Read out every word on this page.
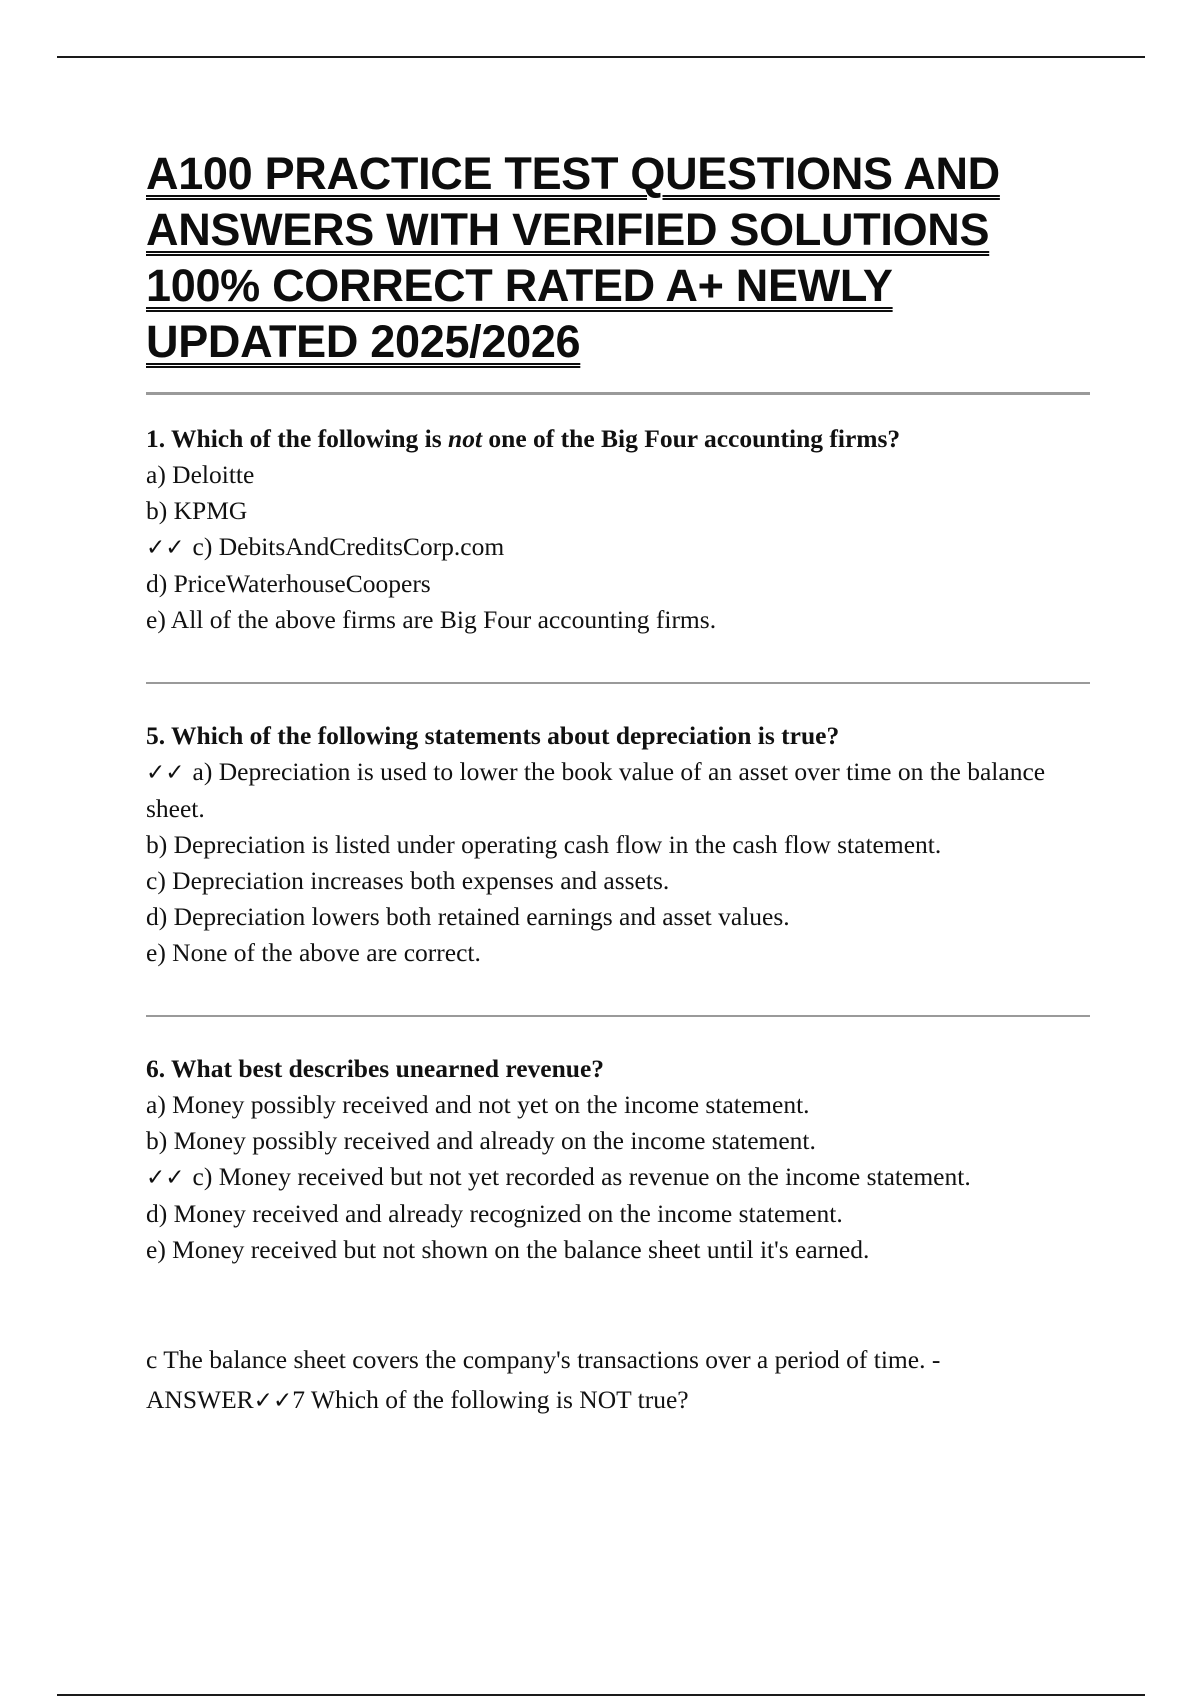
A100 PRACTICE TEST QUESTIONS AND ANSWERS WITH VERIFIED SOLUTIONS 100% CORRECT RATED A+ NEWLY UPDATED 2025/2026

1. Which of the following is not one of the Big Four accounting firms?

a) Deloitte

b) KPMG

✓✓ c) DebitsAndCreditsCorp.com

d) PriceWaterhouseCoopers

e) All of the above firms are Big Four accounting firms.

5. Which of the following statements about depreciation is true?

✓✓ a) Depreciation is used to lower the book value of an asset over time on the balance sheet.

b) Depreciation is listed under operating cash flow in the cash flow statement.

c) Depreciation increases both expenses and assets.

d) Depreciation lowers both retained earnings and asset values.

e) None of the above are correct.

6. What best describes unearned revenue?

a) Money possibly received and not yet on the income statement.

b) Money possibly received and already on the income statement.

✓✓ c) Money received but not yet recorded as revenue on the income statement.

d) Money received and already recognized on the income statement.

e) Money received but not shown on the balance sheet until it's earned.

c The balance sheet covers the company's transactions over a period of time. - ANSWER✓✓7 Which of the following is NOT true?
